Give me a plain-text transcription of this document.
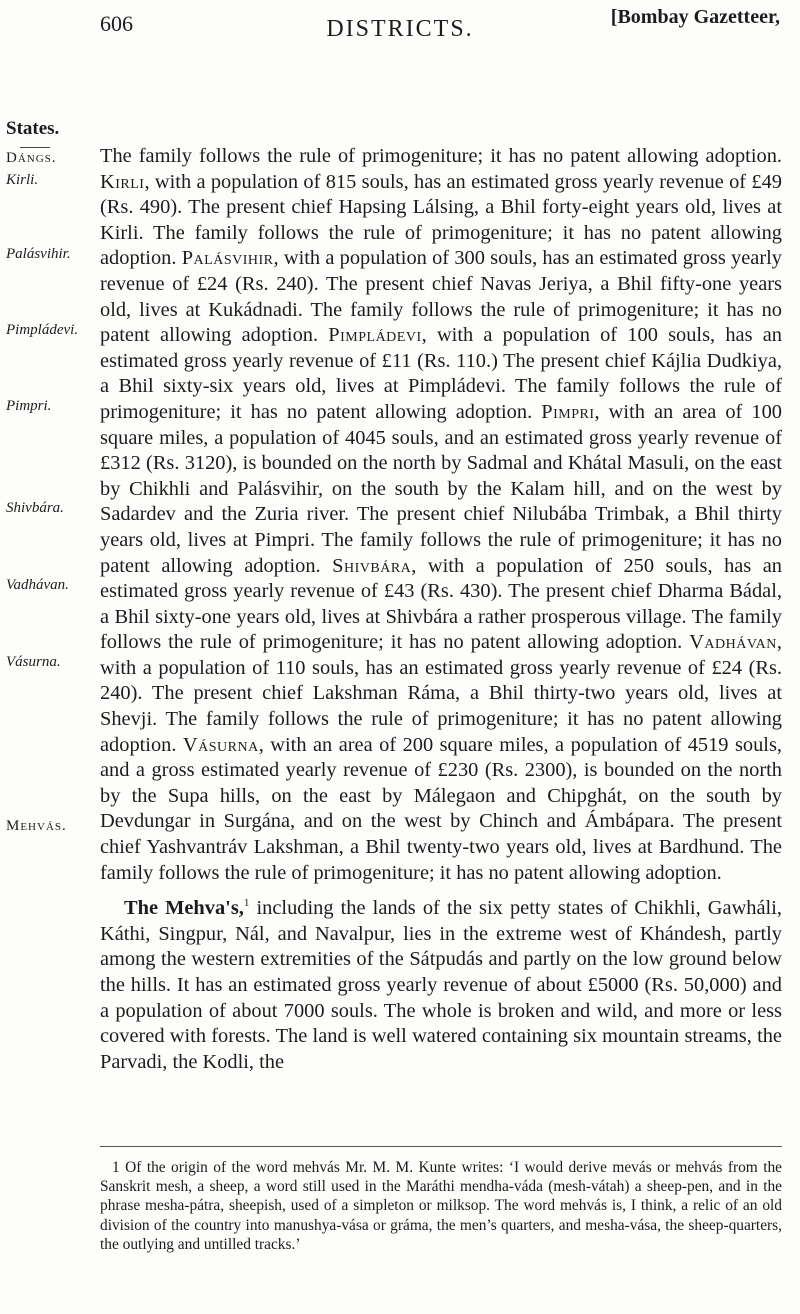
606	DISTRICTS.	[Bombay Gazetteer,
States.
Dángs.
Kirli.
Palásvihir.
Pimpládevi.
Pimpri.
Shivbára.
Vadhávan.
Vásurna.
Mehvás.

The family follows the rule of primogeniture; it has no patent allowing adoption. Kirli, with a population of 815 souls, has an estimated gross yearly revenue of £49 (Rs. 490). The present chief Hapsing Lálsing, a Bhil forty-eight years old, lives at Kirli. The family follows the rule of primogeniture; it has no patent allowing adoption. Palásvihir, with a population of 300 souls, has an estimated gross yearly revenue of £24 (Rs. 240). The present chief Navas Jeriya, a Bhil fifty-one years old, lives at Kukádnadi. The family follows the rule of primogeniture; it has no patent allowing adoption. Pimpládevi, with a population of 100 souls, has an estimated gross yearly revenue of £11 (Rs. 110.) The present chief Kájlia Dudkiya, a Bhil sixty-six years old, lives at Pimpládevi. The family follows the rule of primogeniture; it has no patent allowing adoption. Pimpri, with an area of 100 square miles, a population of 4045 souls, and an estimated gross yearly revenue of £312 (Rs. 3120), is bounded on the north by Sadmal and Khátal Masuli, on the east by Chikhli and Palásvihir, on the south by the Kalam hill, and on the west by Sadardev and the Zuria river. The present chief Nilubába Trimbak, a Bhil thirty years old, lives at Pimpri. The family follows the rule of primogeniture; it has no patent allowing adoption. Shivbára, with a population of 250 souls, has an estimated gross yearly revenue of £43 (Rs. 430). The present chief Dharma Bádal, a Bhil sixty-one years old, lives at Shivbára a rather prosperous village. The family follows the rule of primogeniture; it has no patent allowing adoption. Vadhávan, with a population of 110 souls, has an estimated gross yearly revenue of £24 (Rs. 240). The present chief Lakshman Ráma, a Bhil thirty-two years old, lives at Shevji. The family follows the rule of primogeniture; it has no patent allowing adoption. Vásurna, with an area of 200 square miles, a population of 4519 souls, and a gross estimated yearly revenue of £230 (Rs. 2300), is bounded on the north by the Supa hills, on the east by Málegaon and Chipghát, on the south by Devdungar in Surgána, and on the west by Chinch and Ámbápara. The present chief Yashvantráv Lakshman, a Bhil twenty-two years old, lives at Bardhund. The family follows the rule of primogeniture; it has no patent allowing adoption.

The Mehva's,$^1$ including the lands of the six petty states of Chikhli, Gawháli, Káthi, Singpur, Nál, and Navalpur, lies in the extreme west of Khándesh, partly among the western extremities of the Sátpudás and partly on the low ground below the hills. It has an estimated gross yearly revenue of about £5000 (Rs. 50,000) and a population of about 7000 souls. The whole is broken and wild, and more or less covered with forests. The land is well watered containing six mountain streams, the Parvadi, the Kodli, the

1 Of the origin of the word mehvás Mr. M. M. Kunte writes: ‘I would derive mevás or mehvás from the Sanskrit mesh, a sheep, a word still used in the Maráthi mendha-váda (mesh-vátah) a sheep-pen, and in the phrase mesha-pátra, sheepish, used of a simpleton or milksop. The word mehvás is, I think, a relic of an old division of the country into manushya-vása or gráma, the men’s quarters, and mesha-vása, the sheep-quarters, the outlying and untilled tracks.’
